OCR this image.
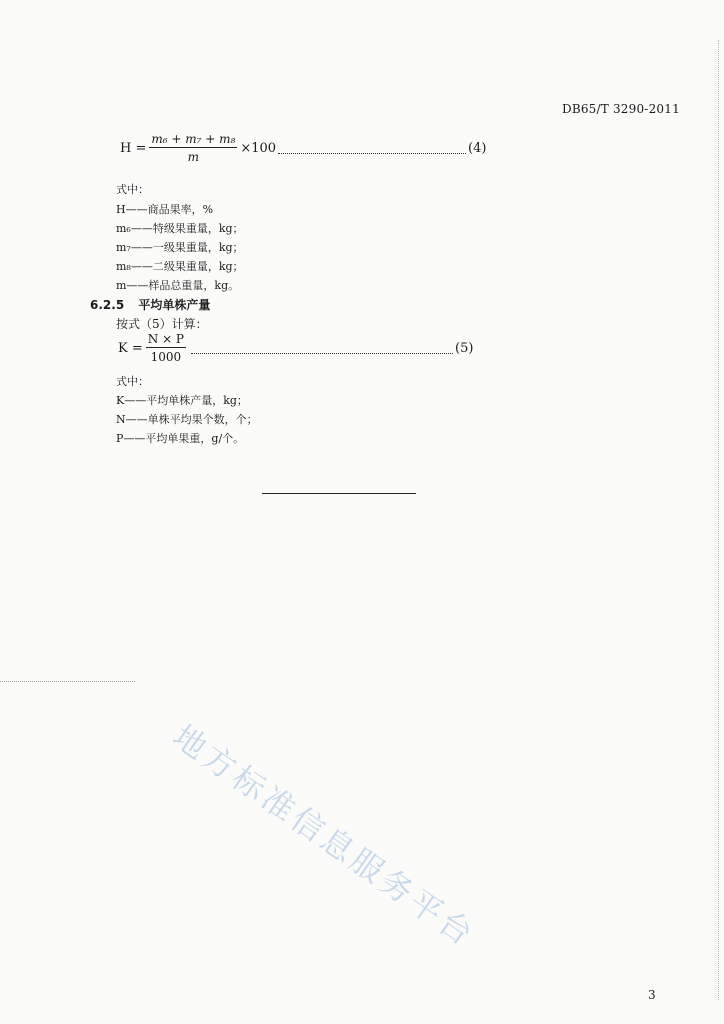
DB65/T 3290-2011
$H = \frac{\text{m₆ + m₇ + m₈}}{m} \times 100$	(4)
式中：
H——商品果率，%
m₆——特级果重量，kg；
m₇——一级果重量，kg；
m₈——二级果重量，kg；
m——样品总重量，kg。
6.2.5 平均单株产量
按式（5）计算：
$K = \frac{N \times P}{1000}$	(5)
式中：
K——平均单株产量，kg；
N——单株平均果个数，个；
P——平均单果重，g/个。
地方标准信息服务平台
3
